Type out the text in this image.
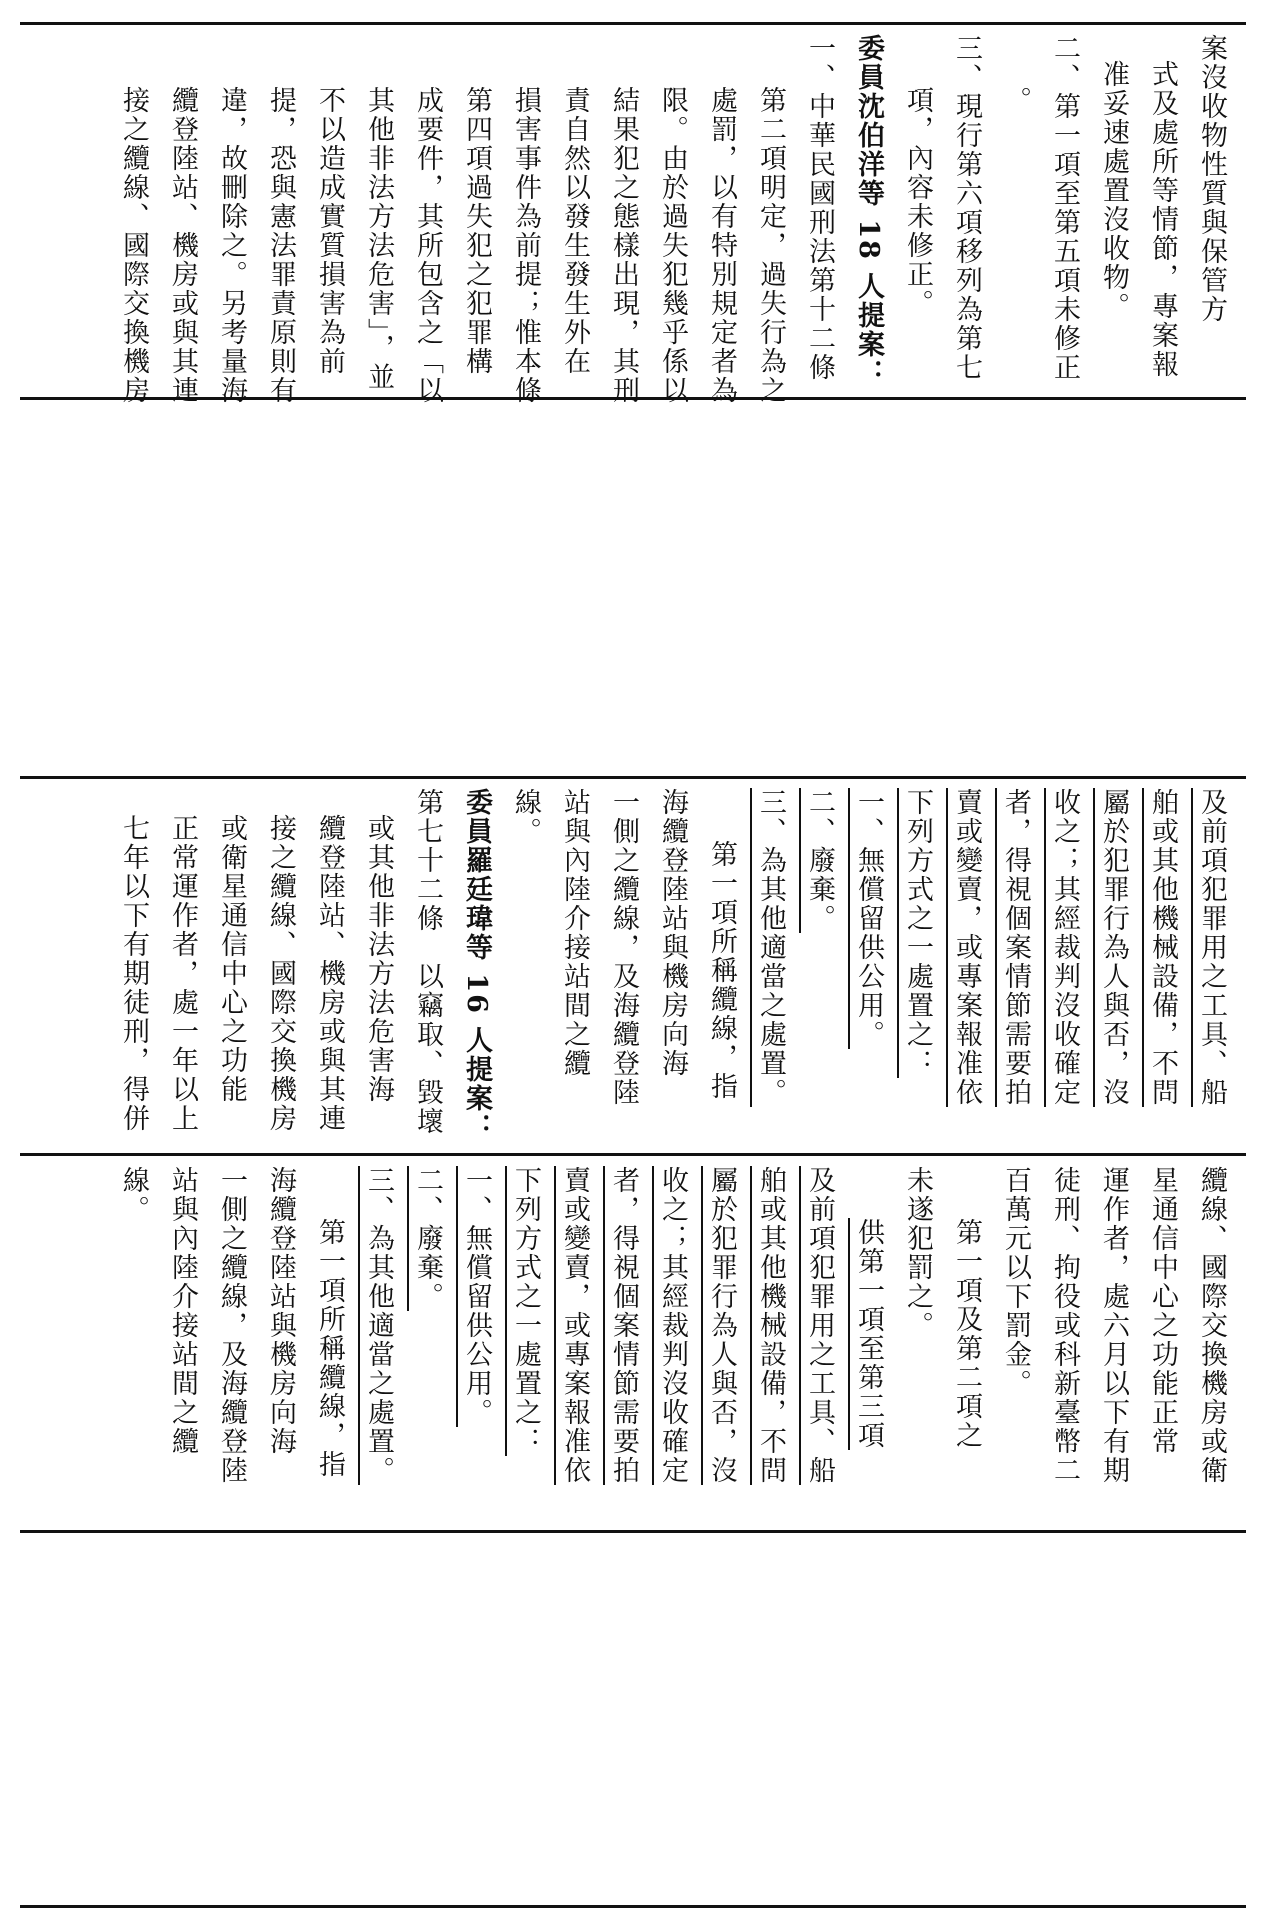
案沒收物性質與保管方
式及處所等情節，專案報
准妥速處置沒收物。
二、第一項至第五項未修正
。
三、現行第六項移列為第七
項，內容未修正。
委員沈伯洋等 18 人提案：
一、中華民國刑法第十二條
第二項明定，過失行為之
處罰，以有特別規定者為
限。由於過失犯幾乎係以
結果犯之態樣出現，其刑
責自然以發生發生外在
損害事件為前提；惟本條
第四項過失犯之犯罪構
成要件，其所包含之「以
其他非法方法危害」，並
不以造成實質損害為前
提，恐與憲法罪責原則有
違，故刪除之。另考量海
纜登陸站、機房或與其連
接之纜線、國際交換機房
及前項犯罪用之工具、船
舶或其他機械設備，不問
屬於犯罪行為人與否，沒
收之；其經裁判沒收確定
者，得視個案情節需要拍
賣或變賣，或專案報准依
下列方式之一處置之：
一、無償留供公用。
二、廢棄。
三、為其他適當之處置。
第一項所稱纜線，指
海纜登陸站與機房向海
一側之纜線，及海纜登陸
站與內陸介接站間之纜
線。
委員羅廷瑋等 16 人提案：
第七十二條　以竊取、毀壞
或其他非法方法危害海
纜登陸站、機房或與其連
接之纜線、國際交換機房
或衛星通信中心之功能
正常運作者，處一年以上
七年以下有期徒刑，得併
纜線、國際交換機房或衛
星通信中心之功能正常
運作者，處六月以下有期
徒刑、拘役或科新臺幣二
百萬元以下罰金。
第一項及第二項之
未遂犯罰之。
供第一項至第三項
及前項犯罪用之工具、船
舶或其他機械設備，不問
屬於犯罪行為人與否，沒
收之；其經裁判沒收確定
者，得視個案情節需要拍
賣或變賣，或專案報准依
下列方式之一處置之：
一、無償留供公用。
二、廢棄。
三、為其他適當之處置。
第一項所稱纜線，指
海纜登陸站與機房向海
一側之纜線，及海纜登陸
站與內陸介接站間之纜
線。
